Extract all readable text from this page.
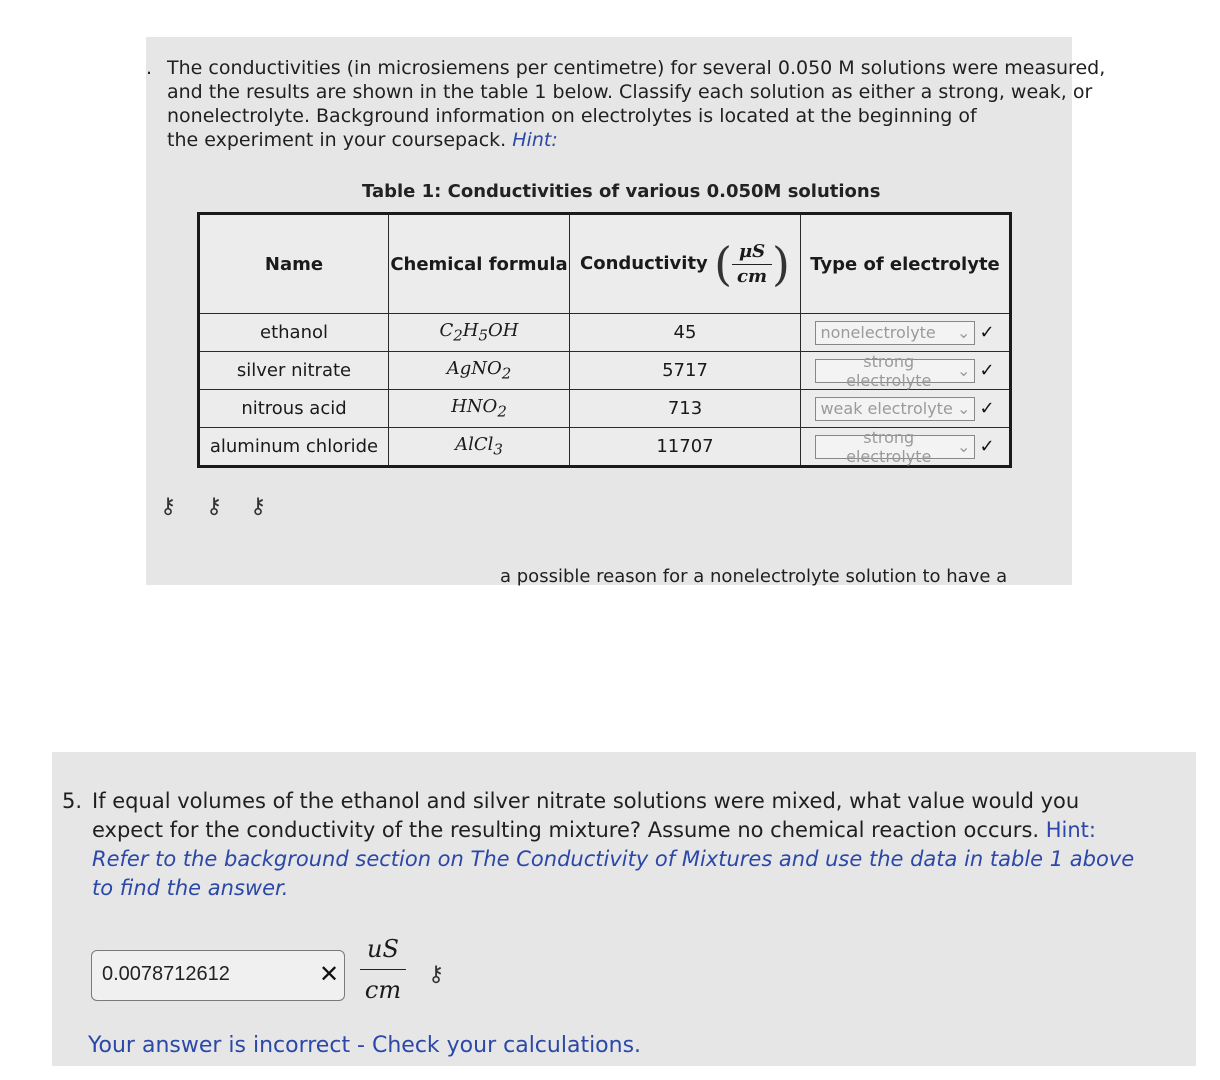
. The conductivities (in microsiemens per centimetre) for several 0.050 M solutions were measured,
and the results are shown in the table 1 below. Classify each solution as either a strong, weak, or
nonelectrolyte. Background information on electrolytes is located at the beginning of
the experiment in your coursepack. Hint:
Table 1: Conductivities of various 0.050M solutions
Name	Chemical formula	Conductivity ( $\frac{\mu S}{cm}$ )	Type of electrolyte
ethanol	$C_2H_5OH$	45	nonelectrolyte ⌄ ✓
silver nitrate	AgNO$_2$	5717	strong electrolyte ⌄ ✓
nitrous acid	$HNO_2$	713	weak electrolyte ⌄ ✓
aluminum chloride	AlCl$_3$	11707	strong electrolyte ⌄ ✓
⚷ ⚷ ⚷
a possible reason for a nonelectrolyte solution to have a
5. If equal volumes of the ethanol and silver nitrate solutions were mixed, what value would you
expect for the conductivity of the resulting mixture? Assume no chemical reaction occurs. Hint:
Refer to the background section on The Conductivity of Mixtures and use the data in table 1 above
to find the answer.
0.0078712612	✕
uS
cm
⚷
Your answer is incorrect - Check your calculations.
